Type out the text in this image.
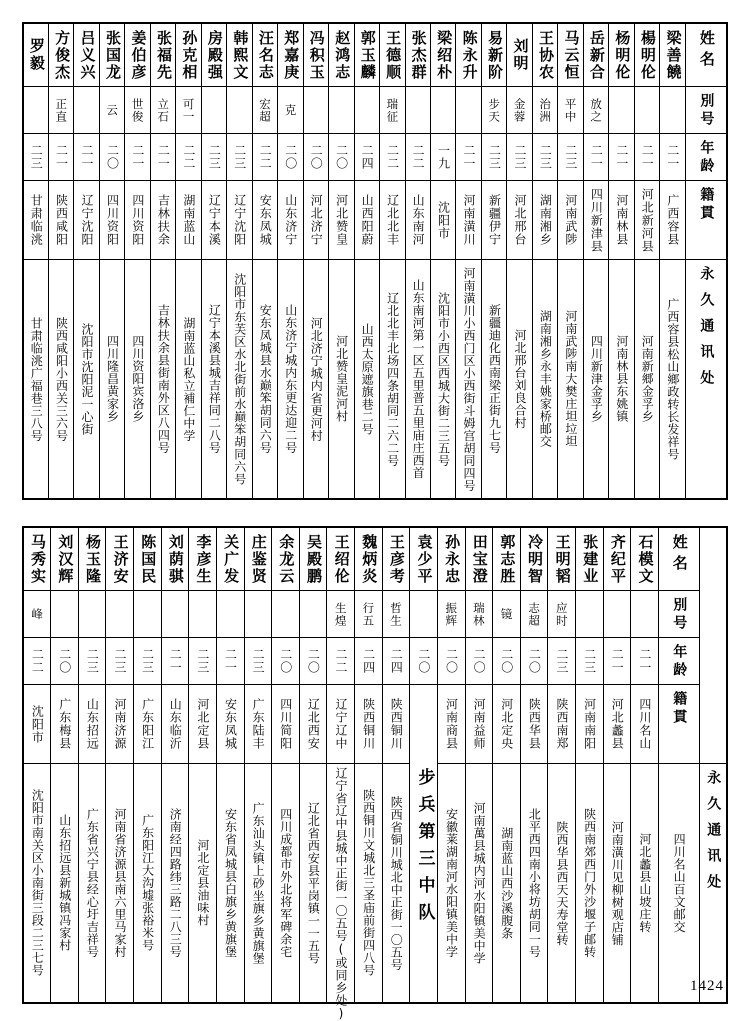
罗毅	方俊杰	吕义兴	张国龙	姜伯彦	张福先	孙克相	房殿强	韩熙文	汪名志	郑嘉庚	冯积玉	赵鸿志	郭玉麟	王德顺	张杰群	梁绍朴	陈永升	易新阶	刘明	王协农	马云恒	岳新合	杨明伦	楊明伦	梁善饒	姓名

	正直		云	世俊	立石	可一			宏超	克				瑞征				步天	金蓉	治洲	平中	放之				別号

二三	二一	二一	二〇	二一	二一	二二	二三	二三	二二	二〇	二〇	二〇	二四	二二	二二	一九	二一	二三	二三	二三	二三	二一	二一	二一	二一	年龄

甘肃临洮	陕西咸阳	辽宁沈阳	四川资阳	四川资阳	吉林扶余	湖南蓝山	辽宁本溪	辽宁沈阳	安东凤城	山东济宁	河北济宁	河北赞皇	山西阳蔚	辽北北丰	山东南河	沈阳市	河南潢川	新疆伊宁	河北邢台	湖南湘乡	河南武陟	四川新津县	河南林县	河北新河县	广西容县	籍貫

甘肃临洮广福巷三八号	陕西咸阳小西关三六号	沈阳市沈阳泥一心街	四川隆昌黄家乡	四川资阳宾洛乡	吉林扶余县街南外区八四号	湖南蓝山私立補仁中学	辽宁本溪县城吉祥同二八号	沈阳市东芙区水北街前水巅笨胡同六号	安东凤城县水巅笨胡同六号	山东济宁城内东更达迎二号	河北济宁城内省更河村	河北赞皇泥河村	山西太原遮旗巷二号	辽北北丰北场四条胡同二六二号	山东南河第一区五里普五里庙庄西首	沈阳市小西区西城大街二三五号	河南潢川小西门区小西街斗姆宫胡同四号	新疆迪化西南梁正街九七号	河北邢台刘良合村	湖南湘乡永丰姚家桥邮交	河南武陟南大樊庄坦垃坦	四川新津金孚乡	河南林县东姚镇	河南新郷金孚乡	广西容县松山鄉政转长发祥号	永久通讯处
马秀实	刘汉辉	杨玉隆	王济安	陈国民	刘荫骐	李彦生	关广发	庄鉴贤	余龙云	吴殿鹏	王绍伦	魏炳炎	王彦考	袁少平	孙永忠	田宝澄	郭志胜	冷明智	王明韬	张建业	齐纪平	石模文	姓名	

峰											生煌	行五	哲生		振辉	瑞林	镜	志超	应时				別号	

二二	二〇	二三	二三	二三	二一	二三	二一	二三	二〇	二〇	二二	二四	二四	二〇	二〇	二〇	二〇	二〇	二三	二三	二一	二一	年龄	

沈阳市	广东梅县	山东招远	河南济源	广东阳江	山东临沂	河北定县	安东凤城	广东陆丰	四川简阳	辽北西安	辽宁辽中	陕西铜川	陕西铜川	步兵第三中队	河南商县	河南益师	河北定央	陕西华县	陕西南郑	河南南阳	河北蠡县	四川名山	籍貫	

沈阳市南关区小南街三段二三七号	山东招远县新城镇冯家村	广东省兴宁县经心圩吉祥号	河南省济源县南六里马家村	广东阳江大沟墟张裕米号	济南经四路纬三路二八三号	河北定县油味村	安东省凤城县白旗乡黄旗堡	广东汕头镇上砂坐旗乡黄旗堡	四川成都市外北将军碑余宅	辽北省西安县平岗镇一一五号	辽宁省辽中县城中正街一〇五号(或同乡处)	陕西铜川文城北三圣庙前街四八号	陕西省铜川城北中正街一〇五号		安徽莱湖南河水阳镇美中学	河南萬县城内河水阳镇美中学	湖南蓝山西沙溪腹条	北平西四南小将坊胡同一号	陕西华县西天天寿堂转	陕西南郊西门外沙堰子邮转	河南潢川见柳树观店铺	河北蠡县山坡庄转	四川名山百文邮交	永久通讯处
1424
